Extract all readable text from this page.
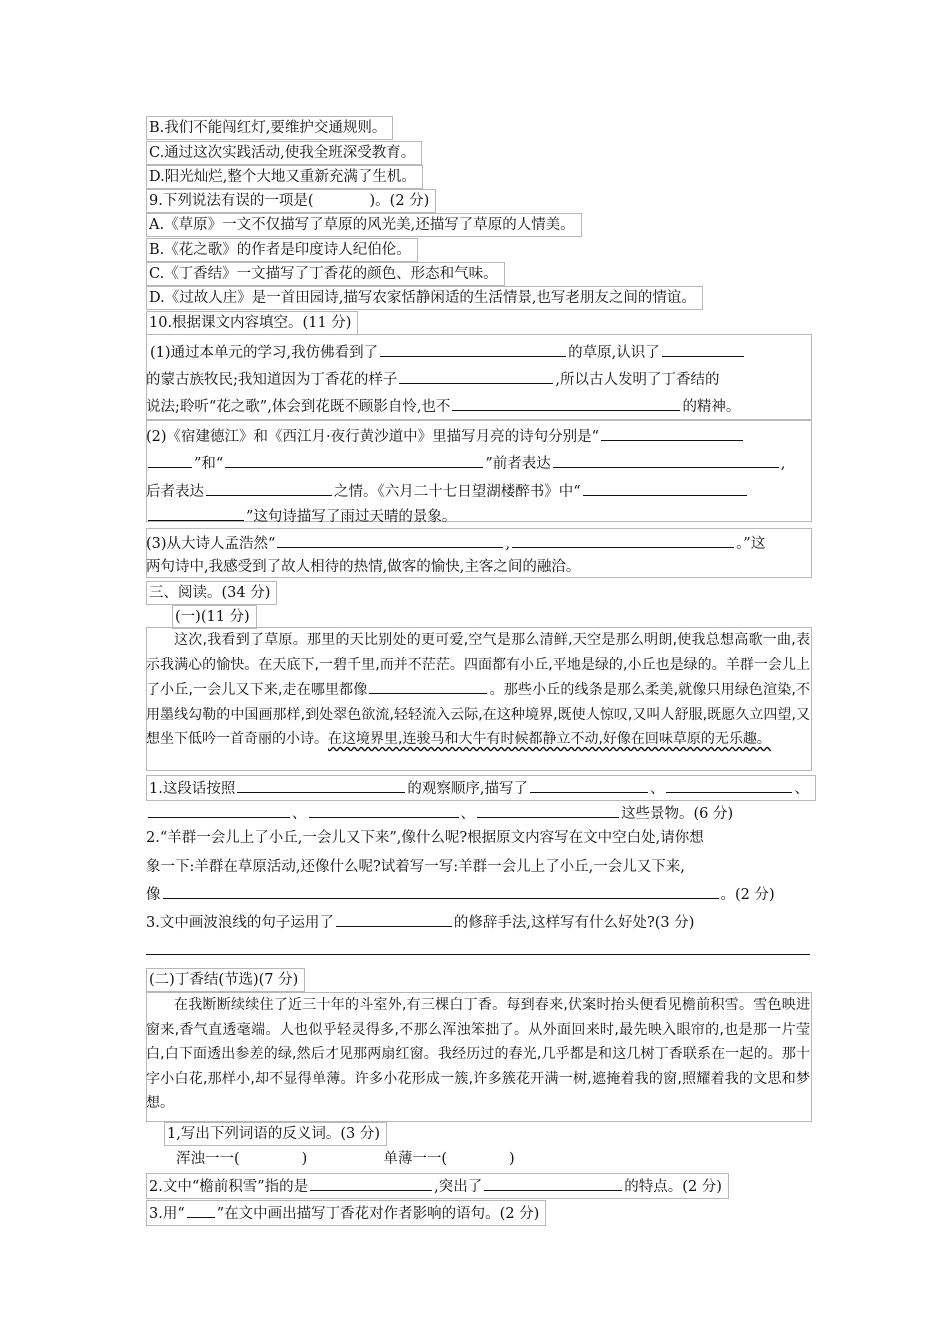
B.我们不能闯红灯,要维护交通规则。
C.通过这次实践活动,使我全班深受教育。
D.阳光灿烂,整个大地又重新充满了生机。
9.下列说法有误的一项是(	)。(2 分)
A.《草原》一文不仅描写了草原的风光美,还描写了草原的人情美。
B.《花之歌》的作者是印度诗人纪伯伦。
C.《丁香结》一文描写了丁香花的颜色、形态和气味。
D.《过故人庄》是一首田园诗,描写农家恬静闲适的生活情景,也写老朋友之间的情谊。
10.根据课文内容填空。(11 分)
(1)通过本单元的学习,我仿佛看到了	的草原,认识了
的蒙古族牧民;我知道因为丁香花的样子	,所以古人发明了丁香结的
说法;聆听“花之歌”,体会到花既不顾影自怜,也不	的精神。
(2)《宿建德江》和《西江月·夜行黄沙道中》里描写月亮的诗句分别是“
”和“	”前者表达	,
后者表达	之情。《六月二十七日望湖楼醉书》中“
”这句诗描写了雨过天晴的景象。
(3)从大诗人孟浩然“	,	。”这
两句诗中,我感受到了故人相待的热情,做客的愉快,主客之间的融洽。
三、阅读。(34 分)
(一)(11 分)

这次,我看到了草原。那里的天比别处的更可爱,空气是那么清鲜,天空是那么明朗,使我总想高歌一曲,表示我满心的愉快。在天底下,一碧千里,而并不茫茫。四面都有小丘,平地是绿的,小丘也是绿的。羊群一会儿上了小丘,一会儿又下来,走在哪里都像	。那些小丘的线条是那么柔美,就像只用绿色渲染,不用墨线勾勒的中国画那样,到处翠色欲流,轻轻流入云际,在这种境界,既使人惊叹,又叫人舒服,既愿久立四望,又想坐下低吟一首奇丽的小诗。在这境界里,连骏马和大牛有时候都静立不动,好像在回味草原的无乐趣。

1.这段话按照	的观察顺序,描写了	、	、
、	、	这些景物。(6 分)
2.“羊群一会儿上了小丘,一会儿又下来”,像什么呢?根据原文内容写在文中空白处,请你想
象一下:羊群在草原活动,还像什么呢?试着写一写:羊群一会儿上了小丘,一会儿又下来,
像	。(2 分)
3.文中画波浪线的句子运用了	的修辞手法,这样写有什么好处?(3 分)
(二)丁香结(节选)(7 分)

在我断断续续住了近三十年的斗室外,有三棵白丁香。每到春来,伏案时抬头便看见檐前积雪。雪色映进窗来,香气直透毫端。人也似乎轻灵得多,不那么浑浊笨拙了。从外面回来时,最先映入眼帘的,也是那一片莹白,白下面透出参差的绿,然后才见那两扇红窗。我经历过的春光,几乎都是和这几树丁香联系在一起的。那十字小白花,那样小,却不显得单薄。许多小花形成一簇,许多簇花开满一树,遮掩着我的窗,照耀着我的文思和梦想。

1,写出下列词语的反义词。(3 分)
浑浊一一(	)	单薄一一(	)
2.文中“檐前积雪”指的是	,突出了	的特点。(2 分)
3.用“ ”在文中画出描写丁香花对作者影响的语句。(2 分)
